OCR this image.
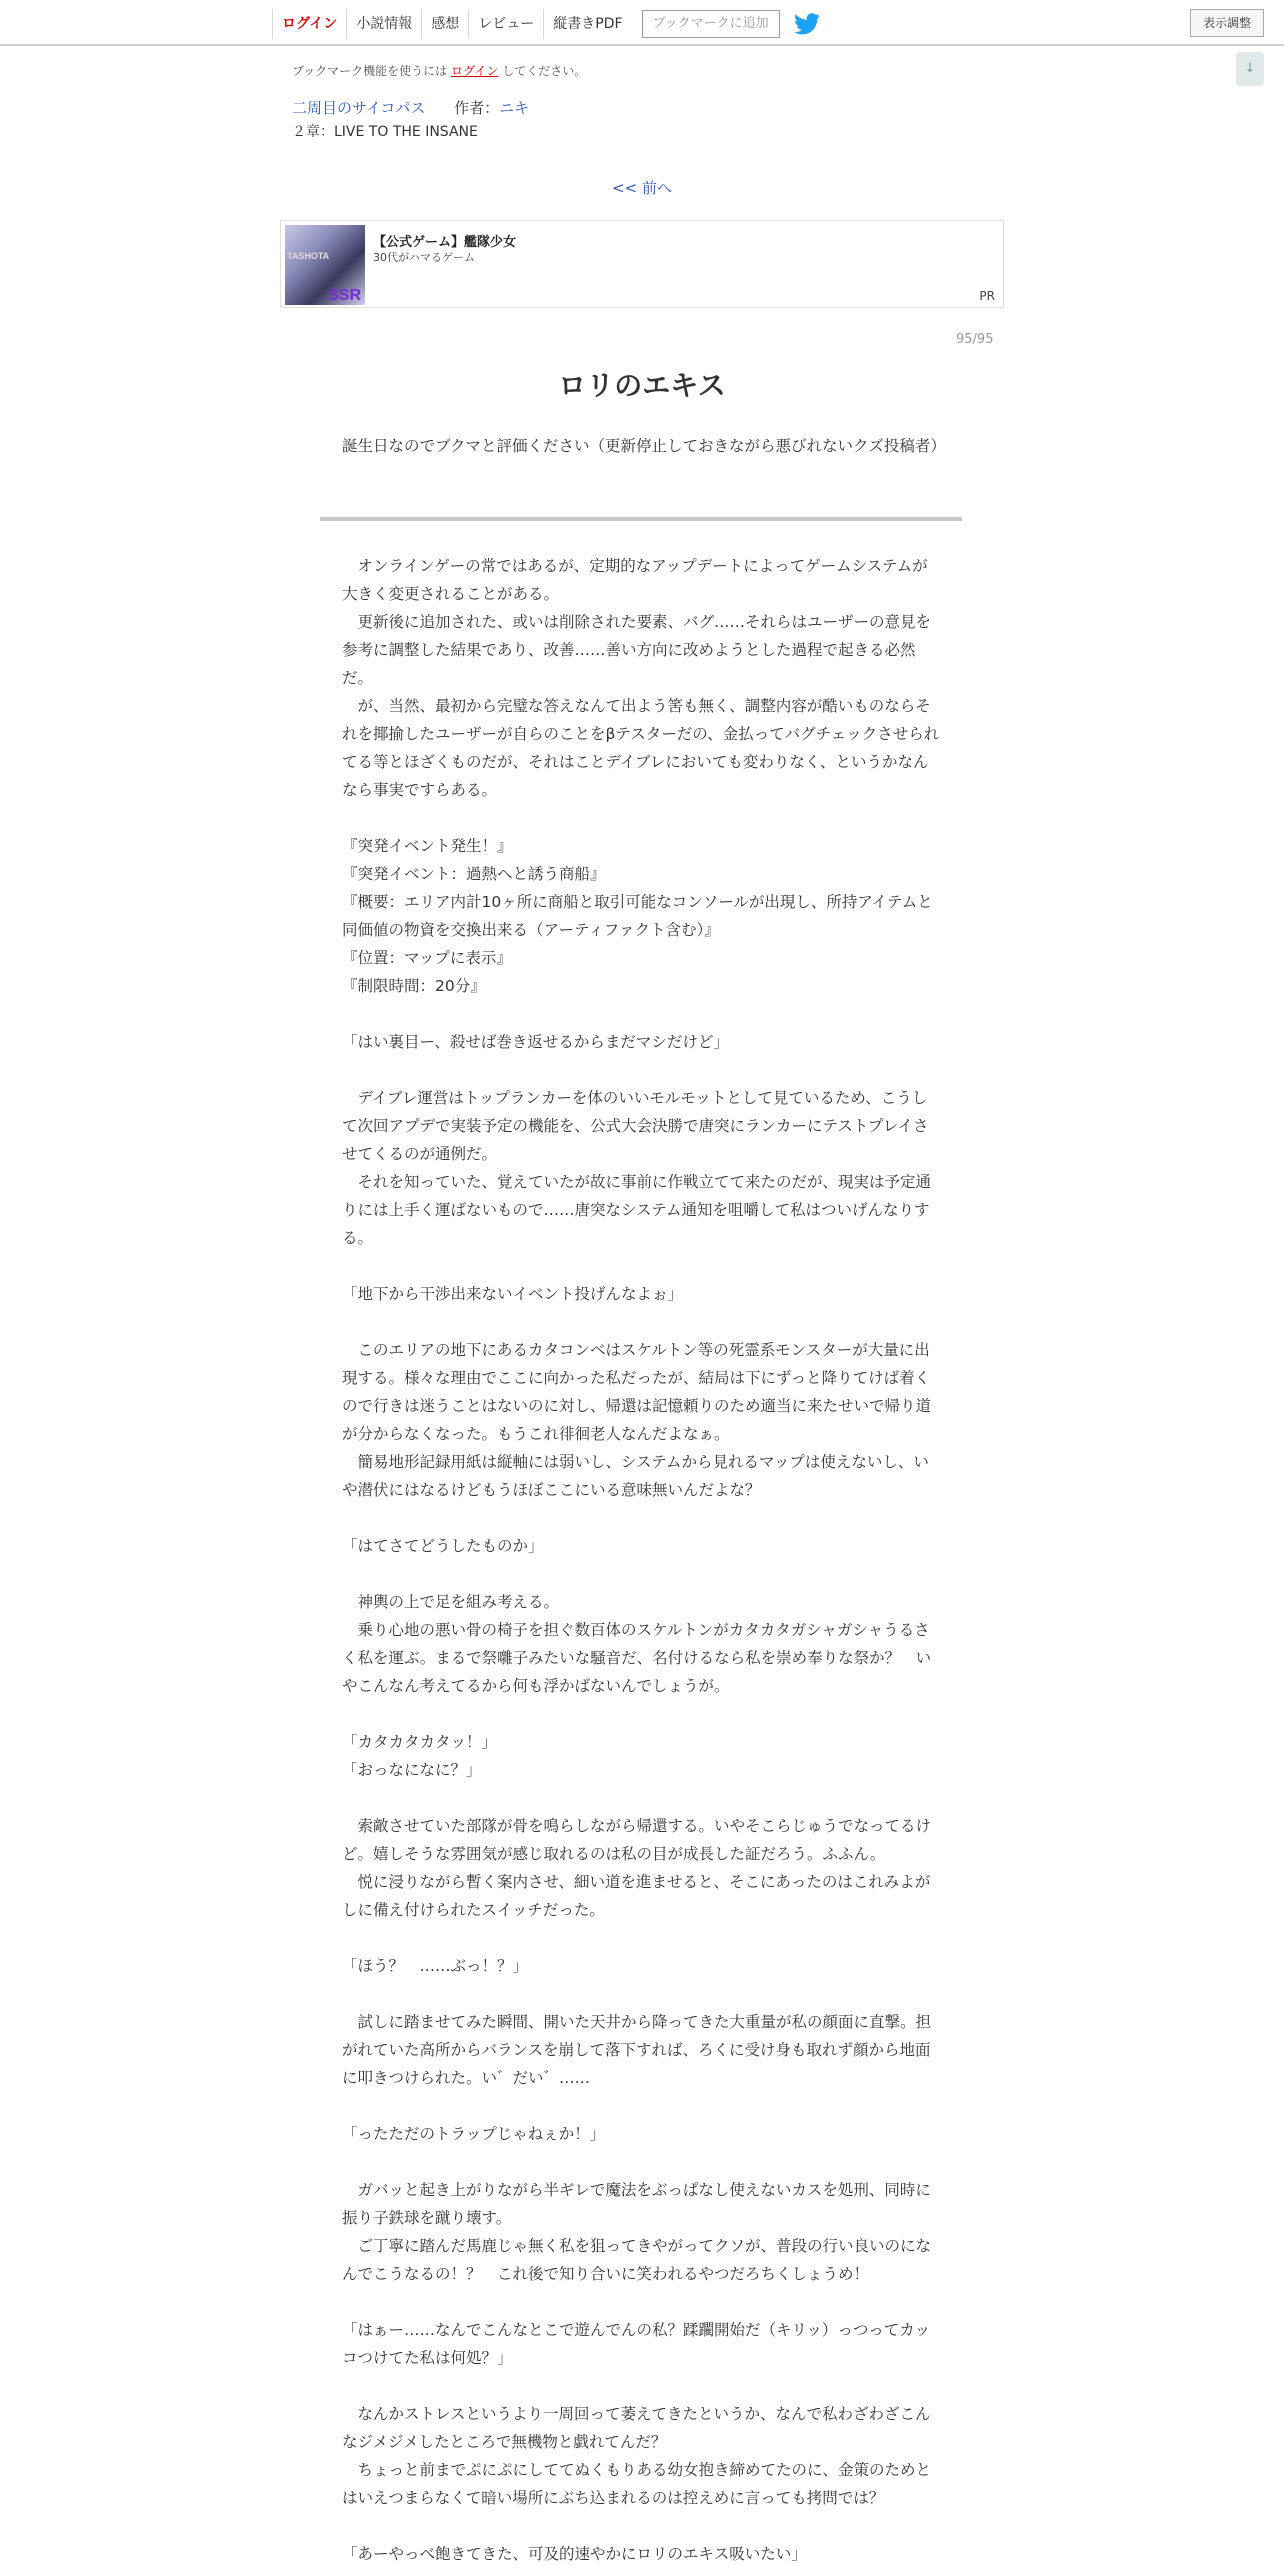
ログイン	小説情報	感想	レビュー	縦書きPDF	ブックマークに追加	表示調整
↓
ブックマーク機能を使うには ログイン してください。
二周目のサイコパス 作者：ニキ
２章：LIVE TO THE INSANE
<< 前へ
TASHOTA
SSR
【公式ゲーム】艦隊少女
30代がハマるゲーム
PR
95/95
ロリのエキス
誕生日なのでブクマと評価ください（更新停止しておきながら悪びれないクズ投稿者）

オンラインゲーの常ではあるが、定期的なアップデートによってゲームシステムが大きく変更されることがある。

更新後に追加された、或いは削除された要素、バグ……それらはユーザーの意見を参考に調整した結果であり、改善……善い方向に改めようとした過程で起きる必然だ。

が、当然、最初から完璧な答えなんて出よう筈も無く、調整内容が酷いものならそれを揶揄したユーザーが自らのことをβテスターだの、金払ってバグチェックさせられてる等とほざくものだが、それはことデイブレにおいても変わりなく、というかなんなら事実ですらある。

『突発イベント発生！』

『突発イベント：過熱へと誘う商船』

『概要：エリア内計10ヶ所に商船と取引可能なコンソールが出現し、所持アイテムと同価値の物資を交換出来る（アーティファクト含む）』

『位置：マップに表示』

『制限時間：20分』

「はい裏目ー、殺せば巻き返せるからまだマシだけど」

デイブレ運営はトップランカーを体のいいモルモットとして見ているため、こうして次回アプデで実装予定の機能を、公式大会決勝で唐突にランカーにテストプレイさせてくるのが通例だ。

それを知っていた、覚えていたが故に事前に作戦立てて来たのだが、現実は予定通りには上手く運ばないもので……唐突なシステム通知を咀嚼して私はついげんなりする。

「地下から干渉出来ないイベント投げんなよぉ」

このエリアの地下にあるカタコンベはスケルトン等の死霊系モンスターが大量に出現する。様々な理由でここに向かった私だったが、結局は下にずっと降りてけば着くので行きは迷うことはないのに対し、帰還は記憶頼りのため適当に来たせいで帰り道が分からなくなった。もうこれ徘徊老人なんだよなぁ。

簡易地形記録用紙は縦軸には弱いし、システムから見れるマップは使えないし、いや潜伏にはなるけどもうほぼここにいる意味無いんだよな？

「はてさてどうしたものか」

神輿の上で足を組み考える。

乗り心地の悪い骨の椅子を担ぐ数百体のスケルトンがカタカタガシャガシャうるさく私を運ぶ。まるで祭囃子みたいな騒音だ、名付けるなら私を崇め奉りな祭か？　いやこんなん考えてるから何も浮かばないんでしょうが。

「カタカタカタッ！」

「おっなになに？」

索敵させていた部隊が骨を鳴らしながら帰還する。いやそこらじゅうでなってるけど。嬉しそうな雰囲気が感じ取れるのは私の目が成長した証だろう。ふふん。

悦に浸りながら暫く案内させ、細い道を進ませると、そこにあったのはこれみよがしに備え付けられたスイッチだった。

「ほう？　……ぶっ！？」

試しに踏ませてみた瞬間、開いた天井から降ってきた大重量が私の顔面に直撃。担がれていた高所からバランスを崩して落下すれば、ろくに受け身も取れず顔から地面に叩きつけられた。い゛だい゛……

「ったただのトラップじゃねぇか！」

ガバッと起き上がりながら半ギレで魔法をぶっぱなし使えないカスを処刑、同時に振り子鉄球を蹴り壊す。

ご丁寧に踏んだ馬鹿じゃ無く私を狙ってきやがってクソが、普段の行い良いのになんでこうなるの！？　これ後で知り合いに笑われるやつだろちくしょうめ！

「はぁー……なんでこんなとこで遊んでんの私？蹂躙開始だ（キリッ）っつってカッコつけてた私は何処？」

なんかストレスというより一周回って萎えてきたというか、なんで私わざわざこんなジメジメしたところで無機物と戯れてんだ？

ちょっと前までぷにぷにしててぬくもりある幼女抱き締めてたのに、金策のためとはいえつまらなくて暗い場所にぶち込まれるのは控えめに言っても拷問では？

「あーやっべ飽きてきた、可及的速やかにロリのエキス吸いたい」
